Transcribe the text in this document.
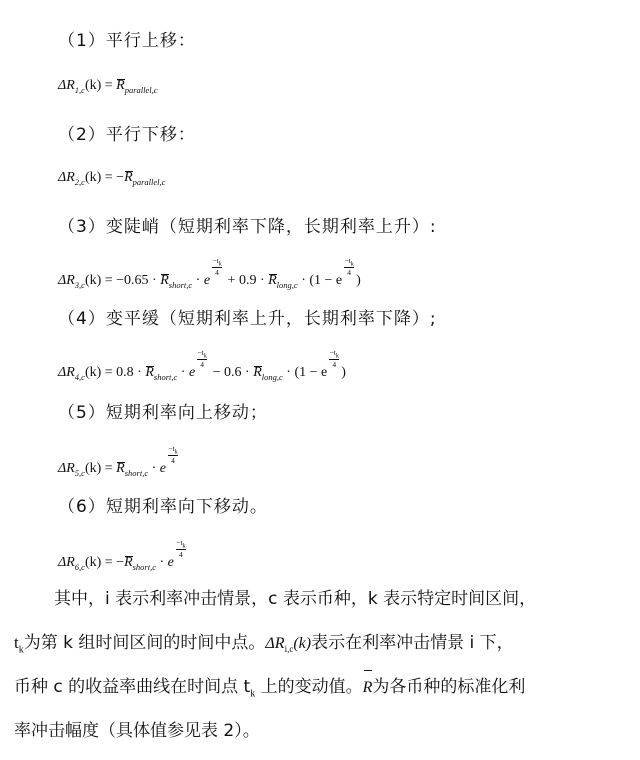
（1）平行上移：
$\Delta R_{1,c}(k) = R_{parallel,c}$
（2）平行下移：
$\Delta R_{2,c}(k) = -R_{parallel,c}$
（3）变陡峭（短期利率下降，长期利率上升）:
$\Delta R_{3,c}(k) = -0.65 \cdot R_{short,c} \cdot e$
$\frac{-t_k}{4}$
+ $0.9 \cdot R_{long,c} \cdot (1 - e$
$\frac{-t_k}{4}$
)
（4）变平缓（短期利率上升，长期利率下降）;
$\Delta R_{4,c}(k) = 0.8 \cdot R_{short,c} \cdot e$
$\frac{-t_k}{4}$
− $0.6 \cdot R_{long,c} \cdot (1 - e$
$\frac{-t_k}{4}$
)
（5）短期利率向上移动；
$\Delta R_{5,c}(k) = R_{short,c} \cdot e$
$\frac{-t_k}{4}$
（6）短期利率向下移动。
$\Delta R_{6,c}(k) = -R_{short,c} \cdot e$
$\frac{-t_k}{4}$
其中，i 表示利率冲击情景，c 表示币种，k 表示特定时间区间，
$t_k$为第 k 组时间区间的时间中点。$\Delta R_{i,c}(k)$表示在利率冲击情景 i 下，
币种 c 的收益率曲线在时间点 $t_k$ 上的变动值。R为各币种的标准化利
率冲击幅度（具体值参见表 2）。
